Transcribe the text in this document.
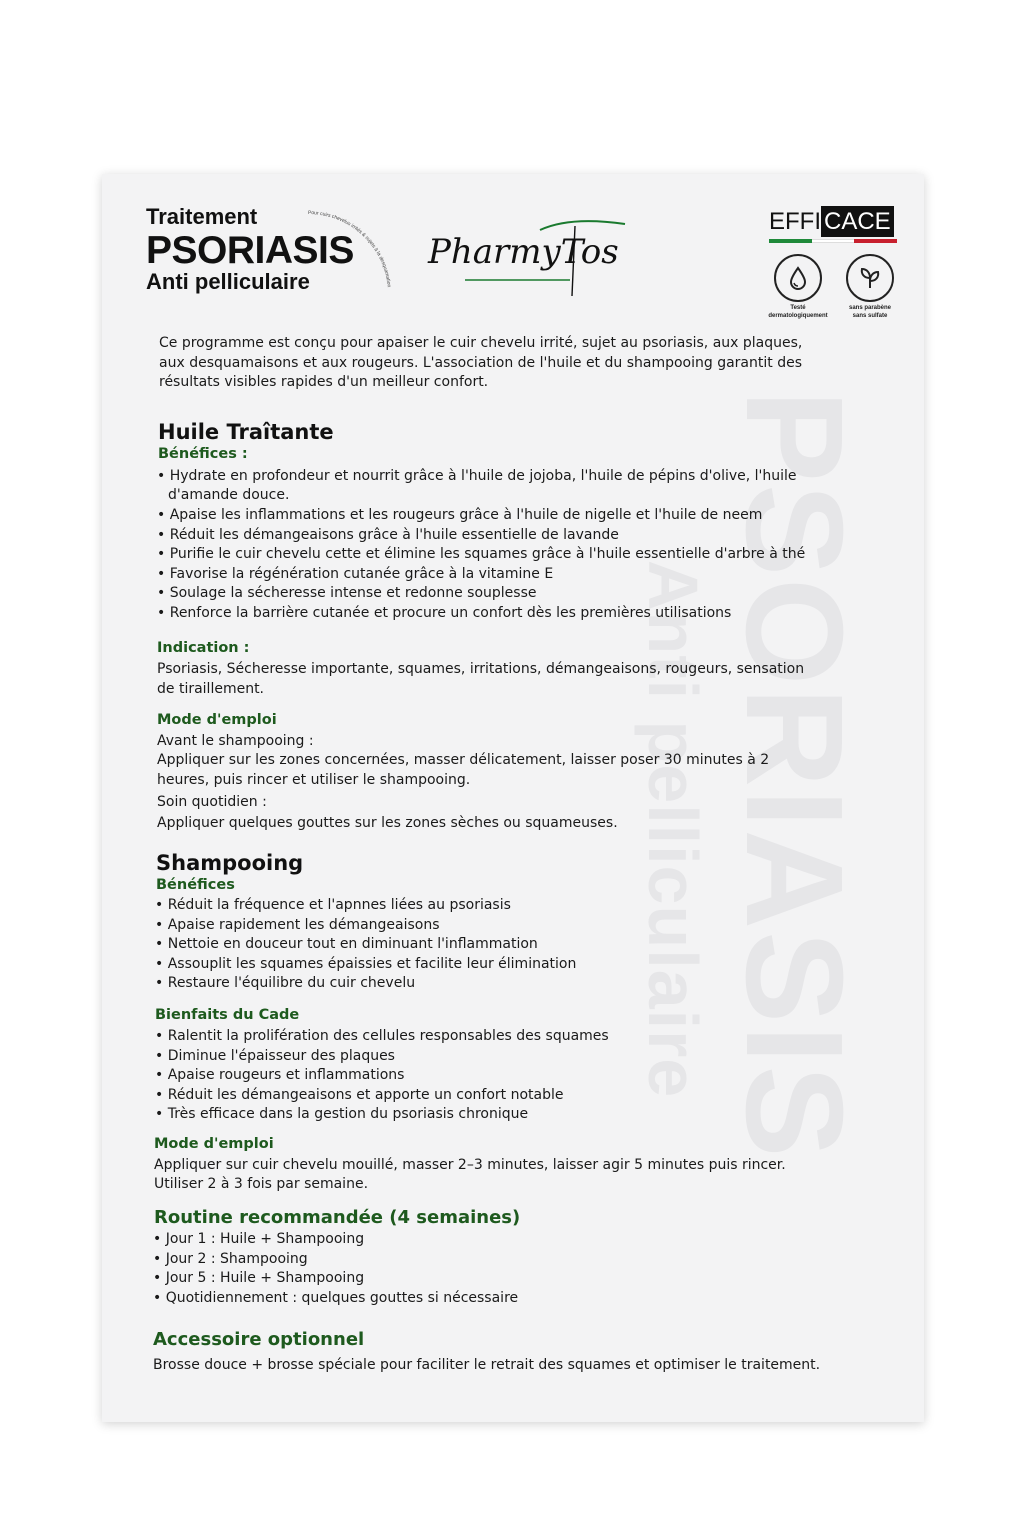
PSORIASIS
Anti pelliculaire
Traitement
PSORIASIS
Anti pelliculaire
Pour cuirs chevelus irrités & sujets à la desquamation
PharmyTos
EFFI CACE
Testé
dermatologiquement
sans parabène
sans sulfate
Ce programme est conçu pour apaiser le cuir chevelu irrité, sujet au psoriasis, aux plaques,
aux desquamaisons et aux rougeurs. L'association de l'huile et du shampooing garantit des
résultats visibles rapides d'un meilleur confort.
Huile Traîtante
Bénéfices :
• Hydrate en profondeur et nourrit grâce à l'huile de jojoba, l'huile de pépins d'olive, l'huile
d'amande douce.
• Apaise les inflammations et les rougeurs grâce à l'huile de nigelle et l'huile de neem
• Réduit les démangeaisons grâce à l'huile essentielle de lavande
• Purifie le cuir chevelu cette et élimine les squames grâce à l'huile essentielle d'arbre à thé
• Favorise la régénération cutanée grâce à la vitamine E
• Soulage la sécheresse intense et redonne souplesse
• Renforce la barrière cutanée et procure un confort dès les premières utilisations
Indication :
Psoriasis, Sécheresse importante, squames, irritations, démangeaisons, rougeurs, sensation
de tiraillement.
Mode d'emploi
Avant le shampooing :
Appliquer sur les zones concernées, masser délicatement, laisser poser 30 minutes à 2
heures, puis rincer et utiliser le shampooing.
Soin quotidien :
Appliquer quelques gouttes sur les zones sèches ou squameuses.
Shampooing
Bénéfices
• Réduit la fréquence et l'apnnes liées au psoriasis
• Apaise rapidement les démangeaisons
• Nettoie en douceur tout en diminuant l'inflammation
• Assouplit les squames épaissies et facilite leur élimination
• Restaure l'équilibre du cuir chevelu
Bienfaits du Cade
• Ralentit la prolifération des cellules responsables des squames
• Diminue l'épaisseur des plaques
• Apaise rougeurs et inflammations
• Réduit les démangeaisons et apporte un confort notable
• Très efficace dans la gestion du psoriasis chronique
Mode d'emploi
Appliquer sur cuir chevelu mouillé, masser 2–3 minutes, laisser agir 5 minutes puis rincer.
Utiliser 2 à 3 fois par semaine.
Routine recommandée (4 semaines)
• Jour 1 : Huile + Shampooing
• Jour 2 : Shampooing
• Jour 5 : Huile + Shampooing
• Quotidiennement : quelques gouttes si nécessaire
Accessoire optionnel
Brosse douce + brosse spéciale pour faciliter le retrait des squames et optimiser le traitement.
